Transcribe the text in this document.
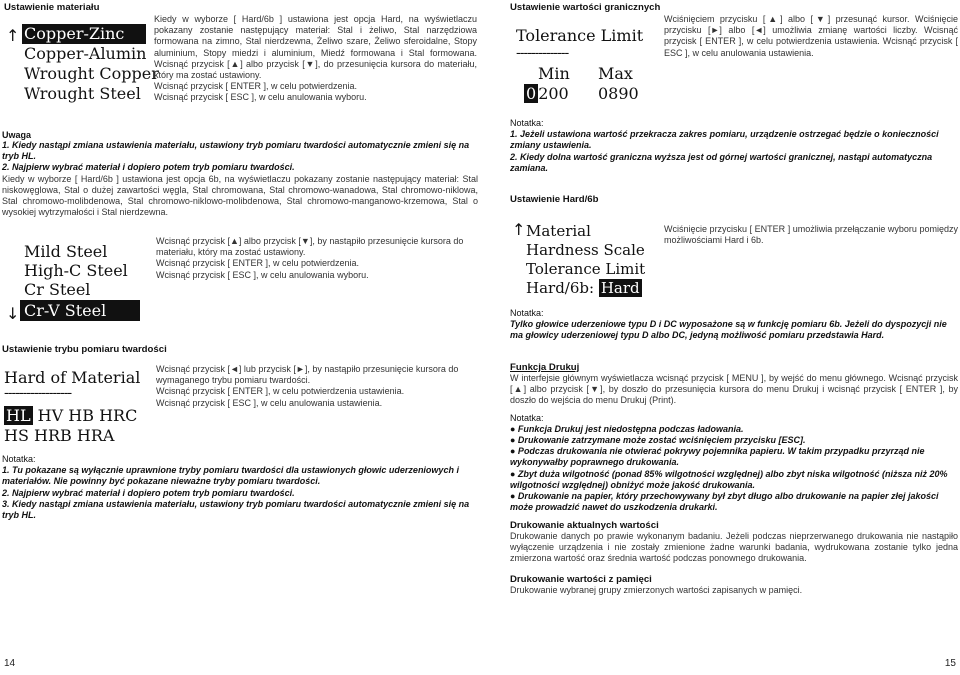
Ustawienie materiału
↑ Copper-Zinc
Copper-Alumin
Wrought Copper
Wrought Steel

Kiedy w wyborze [ Hard/6b ] ustawiona jest opcja Hard, na wyświetlaczu pokazany zostanie następujący materiał: Stal i żeliwo, Stal narzędziowa formowana na zimno, Stal nierdzewna, Żeliwo szare, Żeliwo sferoidalne, Stopy aluminium, Stopy miedzi i aluminium, Miedź formowana i Stal formowana. Wcisnąć przycisk [▲] albo przycisk [▼], do przesunięcia kursora do materiału, który ma zostać ustawiony.

Wcisnąć przycisk [ ENTER ], w celu potwierdzenia.

Wcisnąć przycisk [ ESC ], w celu anulowania wyboru.

Uwaga

1. Kiedy nastąpi zmiana ustawienia materiału, ustawiony tryb pomiaru twardości automatycznie zmieni się na tryb HL.

2. Najpierw wybrać materiał i dopiero potem tryb pomiaru twardości.

Kiedy w wyborze [ Hard/6b ] ustawiona jest opcja 6b, na wyświetlaczu pokazany zostanie następujący materiał: Stal niskowęglowa, Stal o dużej zawartości węgla, Stal chromowana, Stal chromowo-wanadowa, Stal chromowo-niklowa, Stal chromowo-molibdenowa, Stal chromowo-niklowo-molibdenowa, Stal chromowo-manganowo-krzemowa, Stal o wysokiej wytrzymałości i Stal nierdzewna.

Mild Steel
High-C Steel
Cr Steel
Cr-V Steel
↓

Wcisnąć przycisk [▲] albo przycisk [▼], by nastąpiło przesunięcie kursora do materiału, który ma zostać ustawiony.

Wcisnąć przycisk [ ENTER ], w celu potwierdzenia.

Wcisnąć przycisk [ ESC ], w celu anulowania wyboru.

Ustawienie trybu pomiaru twardości
Hard of Material
------------------
HL HV HB HRC
HS HRB HRA

Wcisnąć przycisk [◄] lub przycisk [►], by nastąpiło przesunięcie kursora do wymaganego trybu pomiaru twardości.

Wcisnąć przycisk [ ENTER ], w celu potwierdzenia ustawienia.

Wcisnąć przycisk [ ESC ], w celu anulowania ustawienia.

Notatka:

1. Tu pokazane są wyłącznie uprawnione tryby pomiaru twardości dla ustawionych głowic uderzeniowych i materiałów. Nie powinny być pokazane nieważne tryby pomiaru twardości.

2. Najpierw wybrać materiał i dopiero potem tryb pomiaru twardości.

3. Kiedy nastąpi zmiana ustawienia materiału, ustawiony tryb pomiaru twardości automatycznie zmieni się na tryb HL.

14
Ustawienie wartości granicznych
Tolerance Limit
--------------
Min Max
0 200 0890

Wciśnięciem przycisku [▲] albo [▼] przesunąć kursor. Wciśnięcie przycisku [►] albo [◄] umożliwia zmianę wartości liczby. Wcisnąć przycisk [ ENTER ], w celu potwierdzenia ustawienia. Wcisnąć przycisk [ ESC ], w celu anulowania ustawienia.

Notatka:

1. Jeżeli ustawiona wartość przekracza zakres pomiaru, urządzenie ostrzegać będzie o konieczności zmiany ustawienia.

2. Kiedy dolna wartość graniczna wyższa jest od górnej wartości granicznej, nastąpi automatyczna zamiana.

Ustawienie Hard/6b
↑ Material
Hardness Scale
Tolerance Limit
Hard/6b: Hard

Wciśnięcie przycisku [ ENTER ] umożliwia przełączanie wyboru pomiędzy możliwościami Hard i 6b.

Notatka:

Tylko głowice uderzeniowe typu D i DC wyposażone są w funkcję pomiaru 6b. Jeżeli do dyspozycji nie ma głowicy uderzeniowej typu D albo DC, jedyną możliwość pomiaru przedstawia Hard.

Funkcja Drukuj

W interfejsie głównym wyświetlacza wcisnąć przycisk [ MENU ], by wejść do menu głównego. Wcisnąć przycisk [▲] albo przycisk [▼], by doszło do przesunięcia kursora do menu Drukuj i wcisnąć przycisk [ ENTER ], by doszło do wejścia do menu Drukuj (Print).

Notatka:

● Funkcja Drukuj jest niedostępna podczas ładowania.

● Drukowanie zatrzymane może zostać wciśnięciem przycisku [ESC].

● Podczas drukowania nie otwierać pokrywy pojemnika papieru. W takim przypadku przyrząd nie wykonywałby poprawnego drukowania.

● Zbyt duża wilgotność (ponad 85% wilgotności względnej) albo zbyt niska wilgotność (niższa niż 20% wilgotności względnej) obniżyć może jakość drukowania.

● Drukowanie na papier, który przechowywany był zbyt długo albo drukowanie na papier złej jakości może prowadzić nawet do uszkodzenia drukarki.

Drukowanie aktualnych wartości

Drukowanie danych po prawie wykonanym badaniu. Jeżeli podczas nieprzerwanego drukowania nie nastąpiło wyłączenie urządzenia i nie zostały zmienione żadne warunki badania, wydrukowana zostanie tylko jedna zmierzona wartość oraz średnia wartość podczas ponownego drukowania.

Drukowanie wartości z pamięci

Drukowanie wybranej grupy zmierzonych wartości zapisanych w pamięci.

15
